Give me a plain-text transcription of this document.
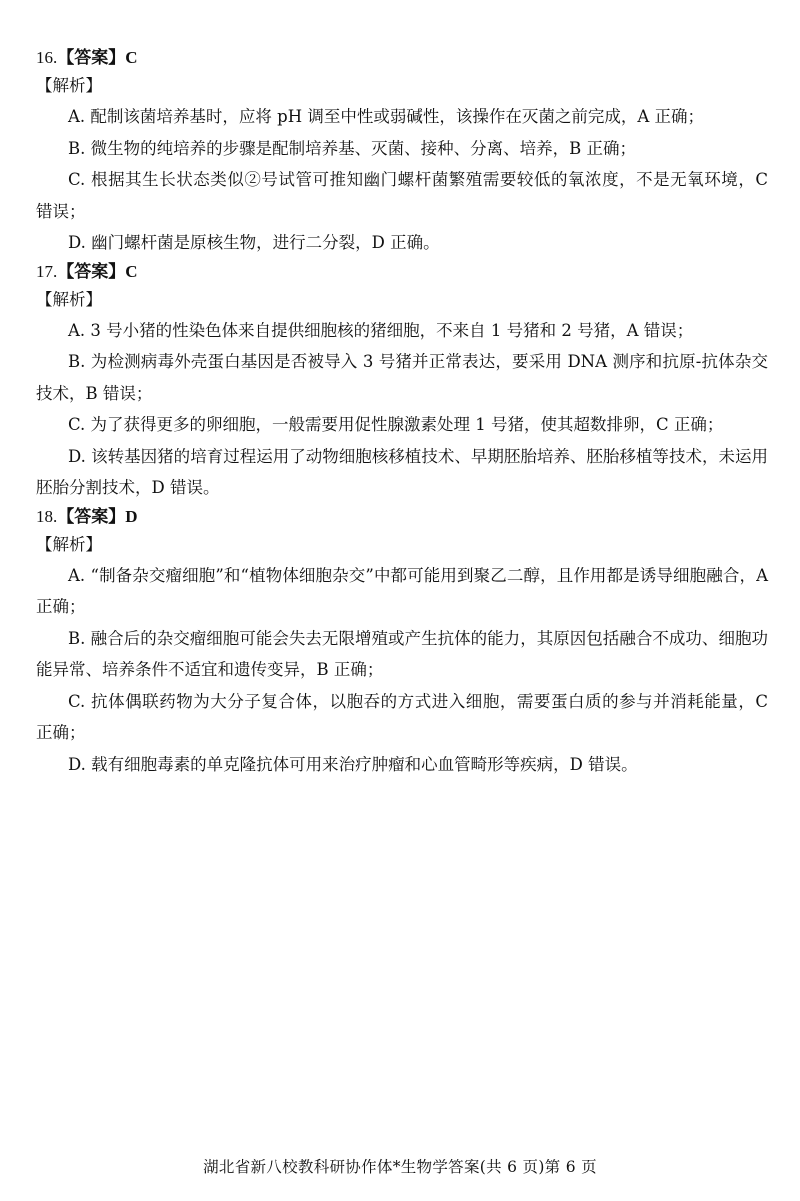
16.【答案】C

【解析】

A. 配制该菌培养基时，应将 pH 调至中性或弱碱性，该操作在灭菌之前完成，A 正确；

B. 微生物的纯培养的步骤是配制培养基、灭菌、接种、分离、培养，B 正确；

C. 根据其生长状态类似②号试管可推知幽门螺杆菌繁殖需要较低的氧浓度，不是无氧环境，C 错误；

D. 幽门螺杆菌是原核生物，进行二分裂，D 正确。

17.【答案】C

【解析】

A. 3 号小猪的性染色体来自提供细胞核的猪细胞，不来自 1 号猪和 2 号猪，A 错误；

B. 为检测病毒外壳蛋白基因是否被导入 3 号猪并正常表达，要采用 DNA 测序和抗原-抗体杂交技术，B 错误；

C. 为了获得更多的卵细胞，一般需要用促性腺激素处理 1 号猪，使其超数排卵，C 正确；

D. 该转基因猪的培育过程运用了动物细胞核移植技术、早期胚胎培养、胚胎移植等技术，未运用胚胎分割技术，D 错误。

18.【答案】D

【解析】

A. “制备杂交瘤细胞”和“植物体细胞杂交”中都可能用到聚乙二醇，且作用都是诱导细胞融合，A 正确；

B. 融合后的杂交瘤细胞可能会失去无限增殖或产生抗体的能力，其原因包括融合不成功、细胞功能异常、培养条件不适宜和遗传变异，B 正确；

C. 抗体偶联药物为大分子复合体，以胞吞的方式进入细胞，需要蛋白质的参与并消耗能量，C 正确；

D. 载有细胞毒素的单克隆抗体可用来治疗肿瘤和心血管畸形等疾病，D 错误。

湖北省新八校教科研协作体*生物学答案(共 6 页)第 6 页
